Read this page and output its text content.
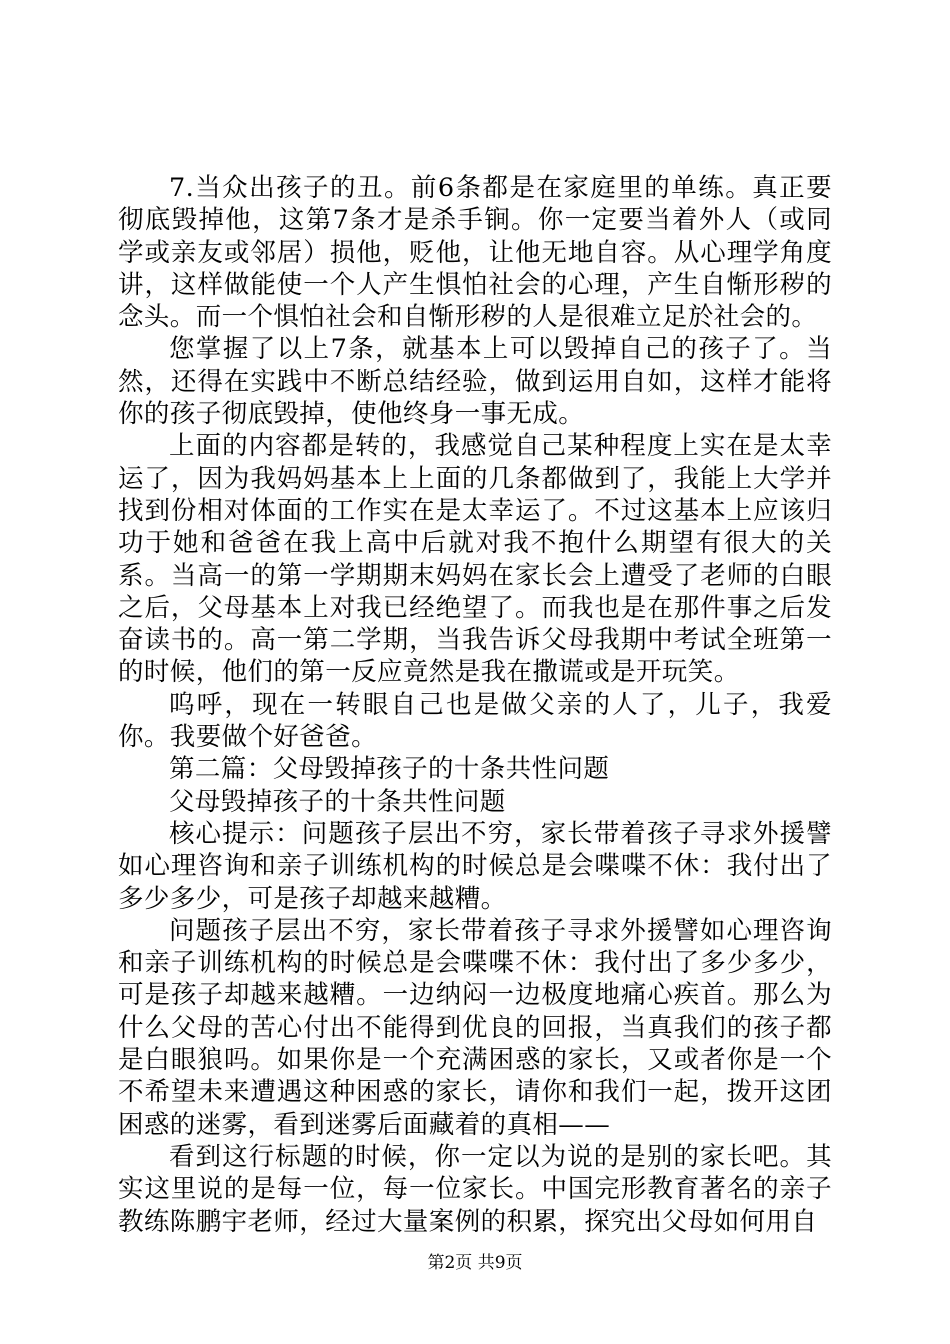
7.当众出孩子的丑。前6条都是在家庭里的单练。真正要彻底毁掉他，这第7条才是杀手锏。你一定要当着外人（或同学或亲友或邻居）损他，贬他，让他无地自容。从心理学角度讲，这样做能使一个人产生惧怕社会的心理，产生自惭形秽的念头。而一个惧怕社会和自惭形秽的人是很难立足於社会的。

您掌握了以上7条，就基本上可以毁掉自己的孩子了。当然，还得在实践中不断总结经验，做到运用自如，这样才能将你的孩子彻底毁掉，使他终身一事无成。

上面的内容都是转的，我感觉自己某种程度上实在是太幸运了，因为我妈妈基本上上面的几条都做到了，我能上大学并找到份相对体面的工作实在是太幸运了。不过这基本上应该归功于她和爸爸在我上高中后就对我不抱什么期望有很大的关系。当高一的第一学期期末妈妈在家长会上遭受了老师的白眼之后，父母基本上对我已经绝望了。而我也是在那件事之后发奋读书的。高一第二学期，当我告诉父母我期中考试全班第一的时候，他们的第一反应竟然是我在撒谎或是开玩笑。

呜呼，现在一转眼自己也是做父亲的人了，儿子，我爱你。我要做个好爸爸。

第二篇：父母毁掉孩子的十条共性问题

父母毁掉孩子的十条共性问题

核心提示：问题孩子层出不穷，家长带着孩子寻求外援譬如心理咨询和亲子训练机构的时候总是会喋喋不休：我付出了多少多少，可是孩子却越来越糟。

问题孩子层出不穷，家长带着孩子寻求外援譬如心理咨询和亲子训练机构的时候总是会喋喋不休：我付出了多少多少，可是孩子却越来越糟。一边纳闷一边极度地痛心疾首。那么为什么父母的苦心付出不能得到优良的回报，当真我们的孩子都是白眼狼吗。如果你是一个充满困惑的家长，又或者你是一个不希望未来遭遇这种困惑的家长，请你和我们一起，拨开这团困惑的迷雾，看到迷雾后面藏着的真相——

看到这行标题的时候，你一定以为说的是别的家长吧。其实这里说的是每一位，每一位家长。中国完形教育著名的亲子教练陈鹏宇老师，经过大量案例的积累，探究出父母如何用自

第2页 共9页
